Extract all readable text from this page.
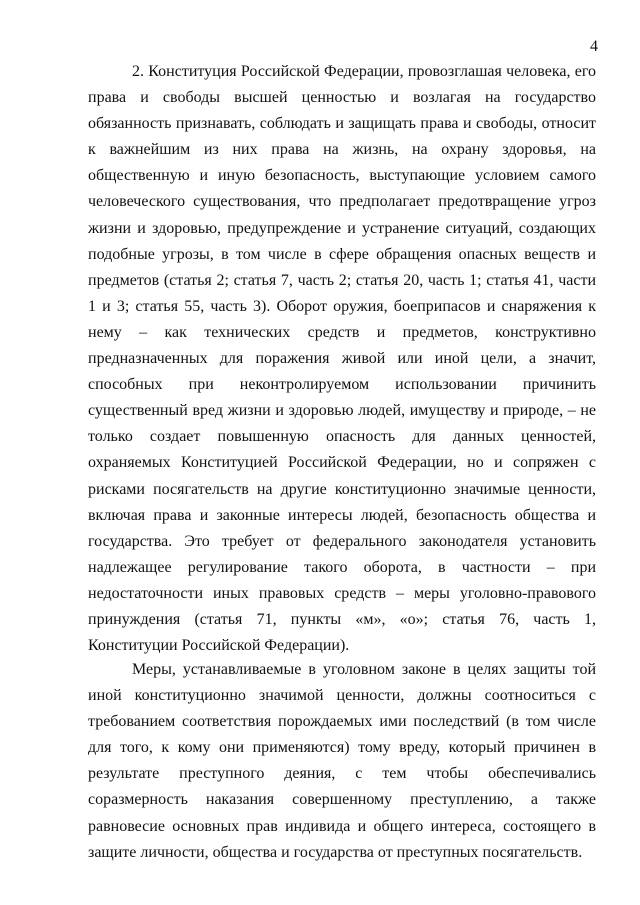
4
2. Конституция Российской Федерации, провозглашая человека, его
права и свободы высшей ценностью и возлагая на государство
обязанность признавать, соблюдать и защищать права и свободы, относит
к важнейшим из них права на жизнь, на охрану здоровья, на
общественную и иную безопасность, выступающие условием самого
человеческого существования, что предполагает предотвращение угроз
жизни и здоровью, предупреждение и устранение ситуаций, создающих
подобные угрозы, в том числе в сфере обращения опасных веществ и
предметов (статья 2; статья 7, часть 2; статья 20, часть 1; статья 41, части
1 и 3; статья 55, часть 3). Оборот оружия, боеприпасов и снаряжения к
нему – как технических средств и предметов, конструктивно
предназначенных для поражения живой или иной цели, а значит,
способных при неконтролируемом использовании причинить
существенный вред жизни и здоровью людей, имуществу и природе, – не
только создает повышенную опасность для данных ценностей,
охраняемых Конституцией Российской Федерации, но и сопряжен с
рисками посягательств на другие конституционно значимые ценности,
включая права и законные интересы людей, безопасность общества и
государства. Это требует от федерального законодателя установить
надлежащее регулирование такого оборота, в частности – при
недостаточности иных правовых средств – меры уголовно-правового
принуждения (статья 71, пункты «м», «о»; статья 76, часть 1,
Конституции Российской Федерации).
Меры, устанавливаемые в уголовном законе в целях защиты той
иной конституционно значимой ценности, должны соотноситься с
требованием соответствия порождаемых ими последствий (в том числе
для того, к кому они применяются) тому вреду, который причинен в
результате преступного деяния, с тем чтобы обеспечивались
соразмерность наказания совершенному преступлению, а также
равновесие основных прав индивида и общего интереса, состоящего в
защите личности, общества и государства от преступных посягательств.
